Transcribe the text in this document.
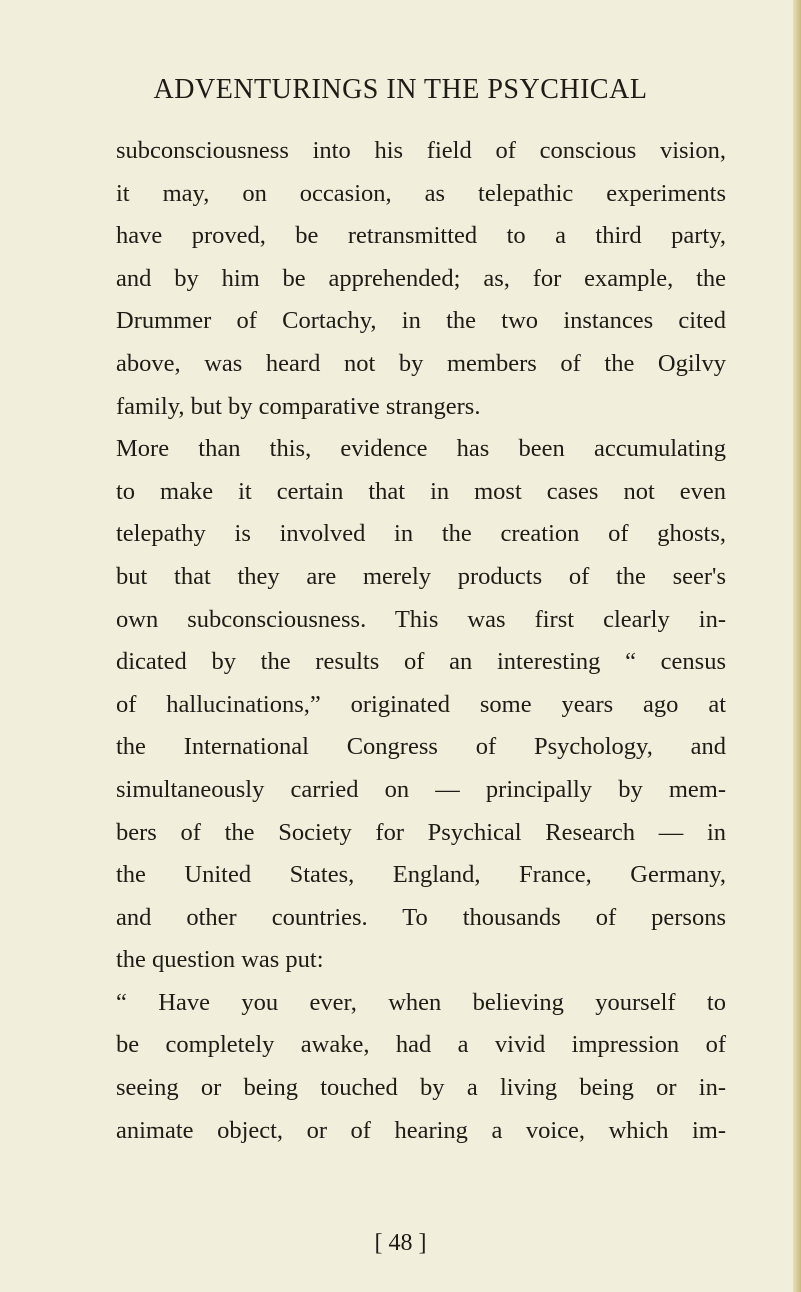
ADVENTURINGS IN THE PSYCHICAL
subconsciousness into his field of conscious vision,
it may, on occasion, as telepathic experiments
have proved, be retransmitted to a third party,
and by him be apprehended; as, for example, the
Drummer of Cortachy, in the two instances cited
above, was heard not by members of the Ogilvy
family, but by comparative strangers.
More than this, evidence has been accumulating
to make it certain that in most cases not even
telepathy is involved in the creation of ghosts,
but that they are merely products of the seer's
own subconsciousness. This was first clearly in-
dicated by the results of an interesting “ census
of hallucinations,” originated some years ago at
the International Congress of Psychology, and
simultaneously carried on — principally by mem-
bers of the Society for Psychical Research — in
the United States, England, France, Germany,
and other countries. To thousands of persons
the question was put:
“ Have you ever, when believing yourself to
be completely awake, had a vivid impression of
seeing or being touched by a living being or in-
animate object, or of hearing a voice, which im-
[ 48 ]
